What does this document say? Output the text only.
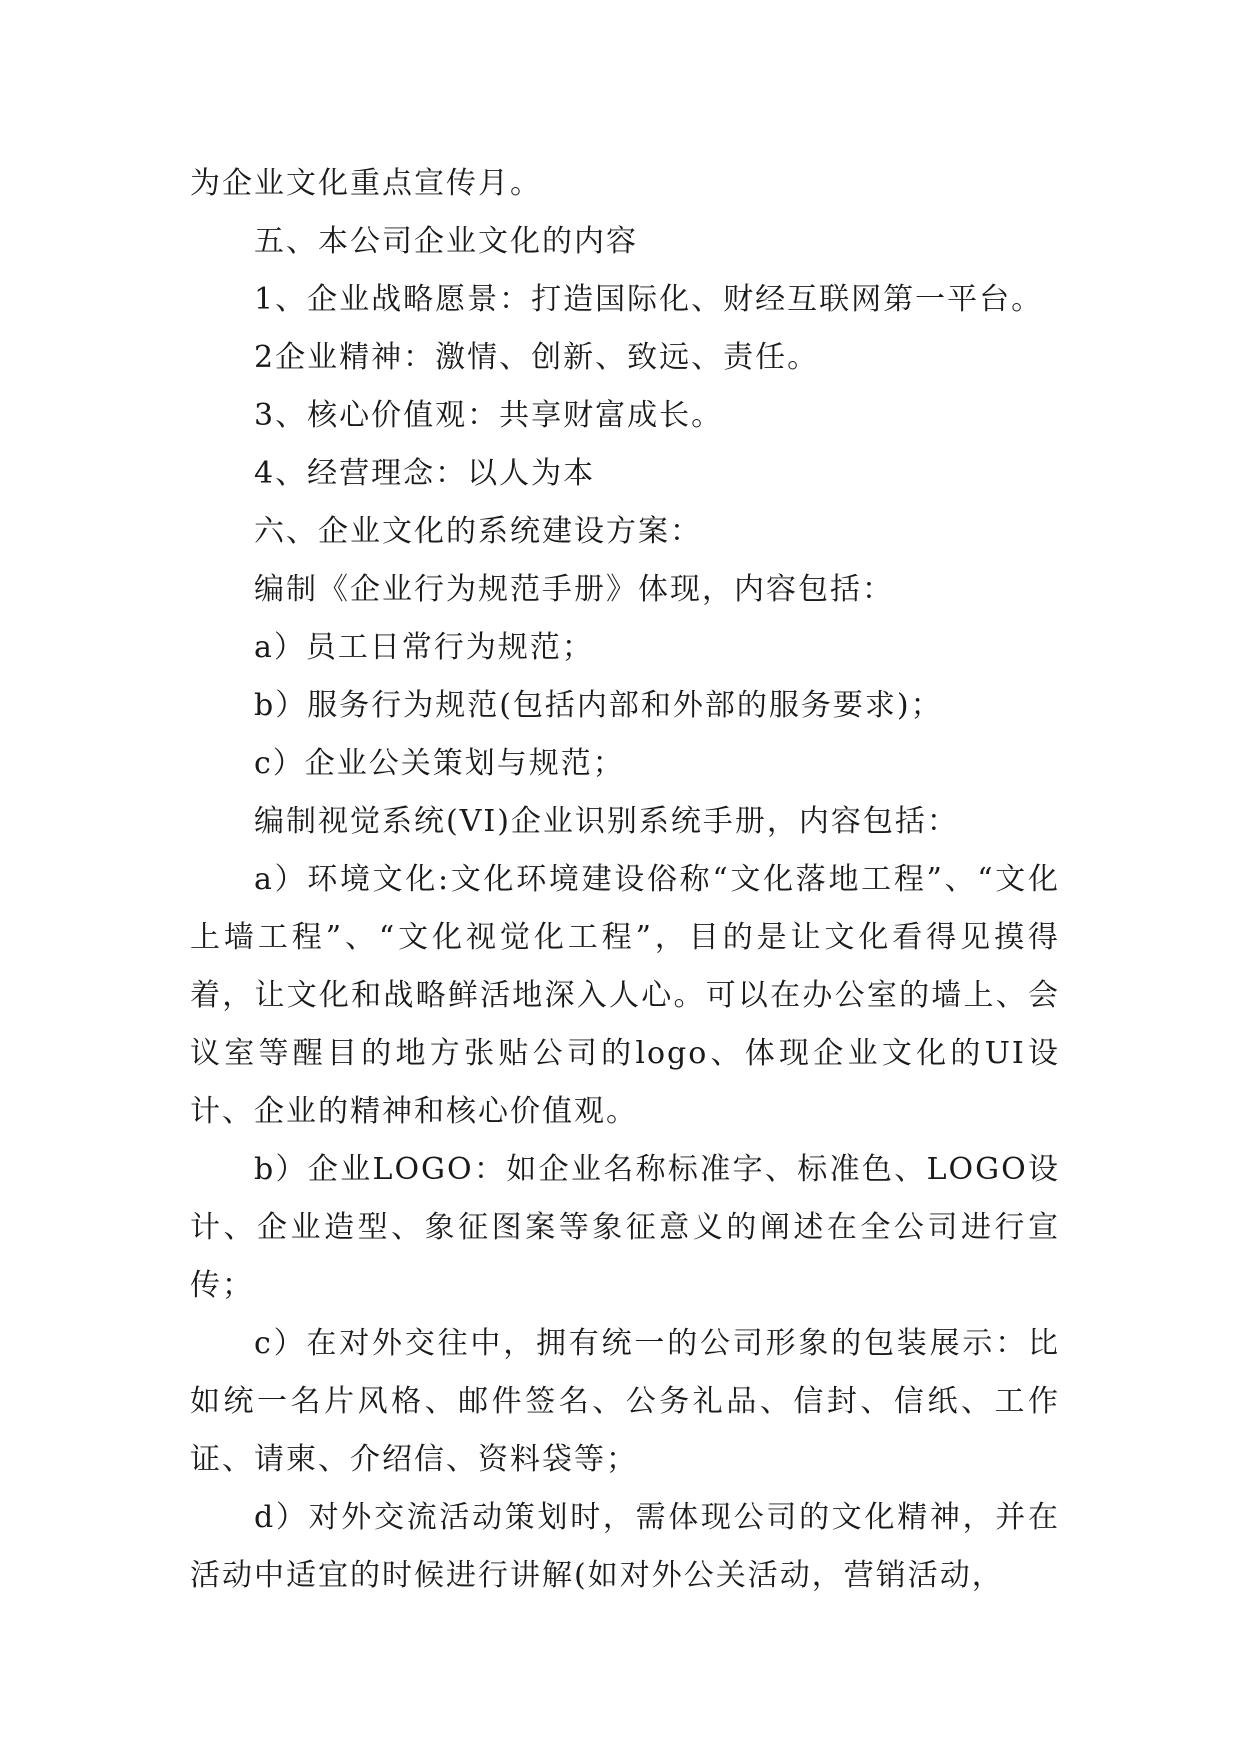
为企业文化重点宣传月。

五、本公司企业文化的内容

1、企业战略愿景：打造国际化、财经互联网第一平台。

2企业精神：激情、创新、致远、责任。

3、核心价值观：共享财富成长。

4、经营理念：以人为本

六、企业文化的系统建设方案：

编制《企业行为规范手册》体现，内容包括：

a）员工日常行为规范；

b）服务行为规范(包括内部和外部的服务要求)；

c）企业公关策划与规范；

编制视觉系统(VI)企业识别系统手册，内容包括：

a）环境文化:文化环境建设俗称“文化落地工程”、“文化上墙工程”、“文化视觉化工程”，目的是让文化看得见摸得着，让文化和战略鲜活地深入人心。可以在办公室的墙上、会议室等醒目的地方张贴公司的logo、体现企业文化的UI设计、企业的精神和核心价值观。

b）企业LOGO：如企业名称标准字、标准色、LOGO设计、企业造型、象征图案等象征意义的阐述在全公司进行宣传；

c）在对外交往中，拥有统一的公司形象的包装展示：比如统一名片风格、邮件签名、公务礼品、信封、信纸、工作证、请柬、介绍信、资料袋等；

d）对外交流活动策划时，需体现公司的文化精神，并在活动中适宜的时候进行讲解(如对外公关活动，营销活动，
